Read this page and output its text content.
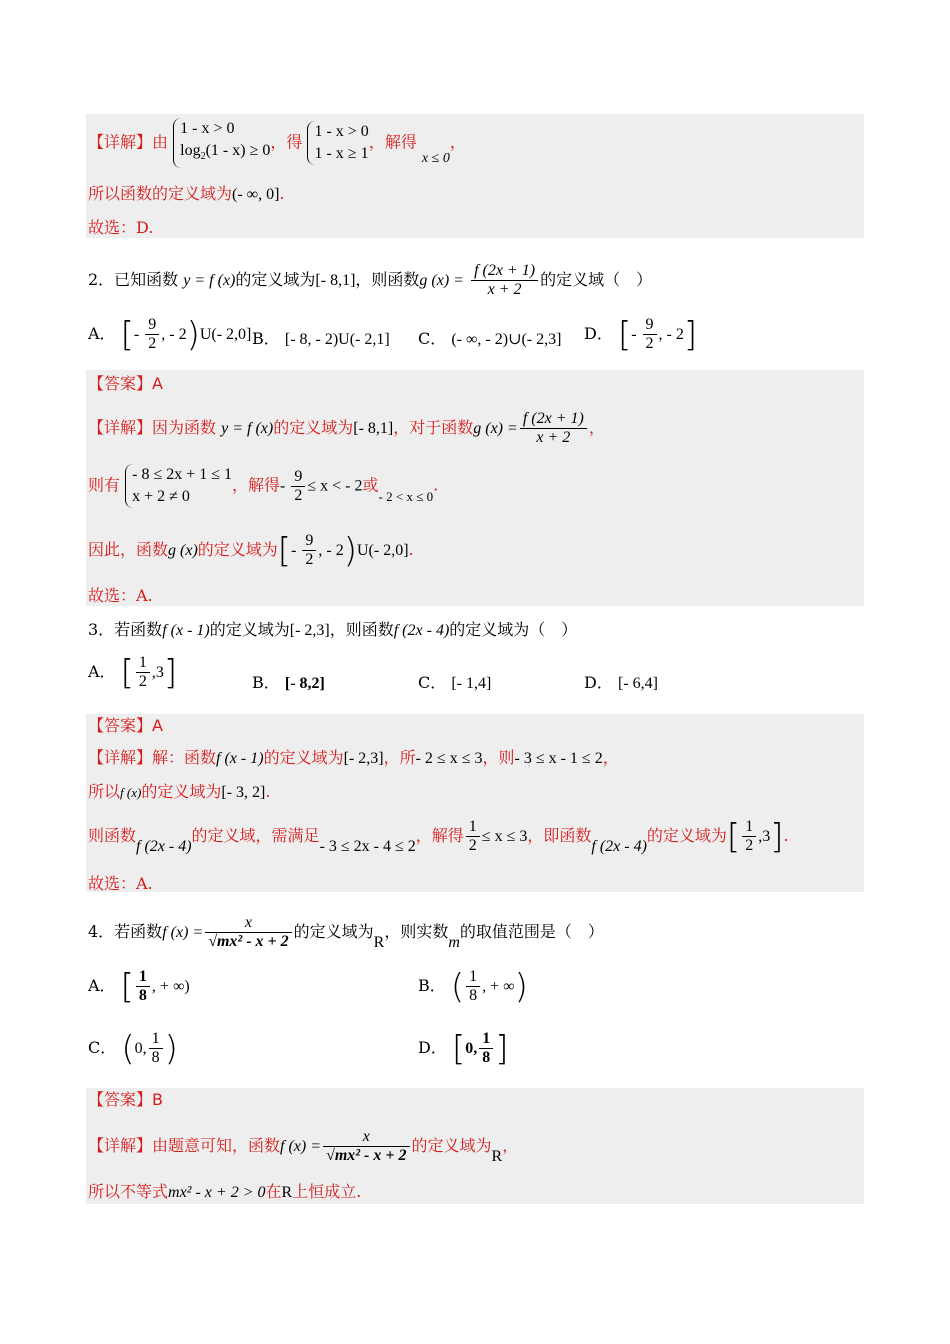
【详解】由
1 - x > 0
$\log_2(1 - x) \ge 0$ ，得
1 - x > 0
1 - x ≥ 1
，解得 x ≤ 0，
所以函数的定义域为(- ∞, 0].
故选：D.
2．已知函数 y = f (x)的定义域为[- 8,1]，则函数g $(x) = \frac{f (2x + 1)}{x + 2}$ 的定义域（　）
A． [- $\frac{9}{2}$ , - 2)U(- 2,0] B． [- 8, - 2)U(- 2,1] C． (- ∞, - 2)∪(- 2,3] D． [- $\frac{9}{2}$ , - 2]
【答案】A
【详解】因为函数 y = f (x)的定义域为[- 8,1]，对于函数g $(x) = \frac{f (2x + 1)}{x + 2}$ ，
则有
- 8 ≤ 2x + 1 ≤ 1
x + 2 ≠ 0
，解得- $\frac{9}{2} \le x$ < - 2或$_{- 2 < x \le 0}$.
因此，函数g (x)的定义域为[- $\frac{9}{2}$ , - 2)U(- 2,0].
故选：A.
3．若函数f (x - 1)的定义域为[- 2,3]，则函数f (2x - 4)的定义域为（　）
A． [ $\frac{1}{2} ,3$]	B． [- 8,2]	C． [- 1,4]	D． [- 6,4]
【答案】A
【详解】解：函数f (x - 1)的定义域为[- 2,3]，所- 2 ≤ x ≤ 3，则- 3 ≤ x - 1 ≤ 2，
所以f (x)的定义域为[- 3, 2].
则函数f (2x - 4)的定义域，需满足- 3 ≤ 2x - 4 ≤ 2，解得 $\frac{1}{2} \le x \le 3$，即函数f (2x - 4)的定义域为[ $\frac{1}{2} ,3$].
故选：A.
4．若函数f $(x) = \frac{x}{\text{√mx² - x + 2}}$ 的定义域为R，则实数m的取值范围是（　）
A． [ $\frac{1}{8}$ , + ∞)	B． ( $\frac{1}{8}$ , + ∞)
C． (0, $\frac{1}{8}$ )	D． [0, $\frac{1}{8}$ ]
【答案】B
【详解】由题意可知，函数f $(x) = \frac{x}{\text{√mx² - x + 2}}$ 的定义域为R，
所以不等式mx² - x + 2 > 0在R上恒成立.
